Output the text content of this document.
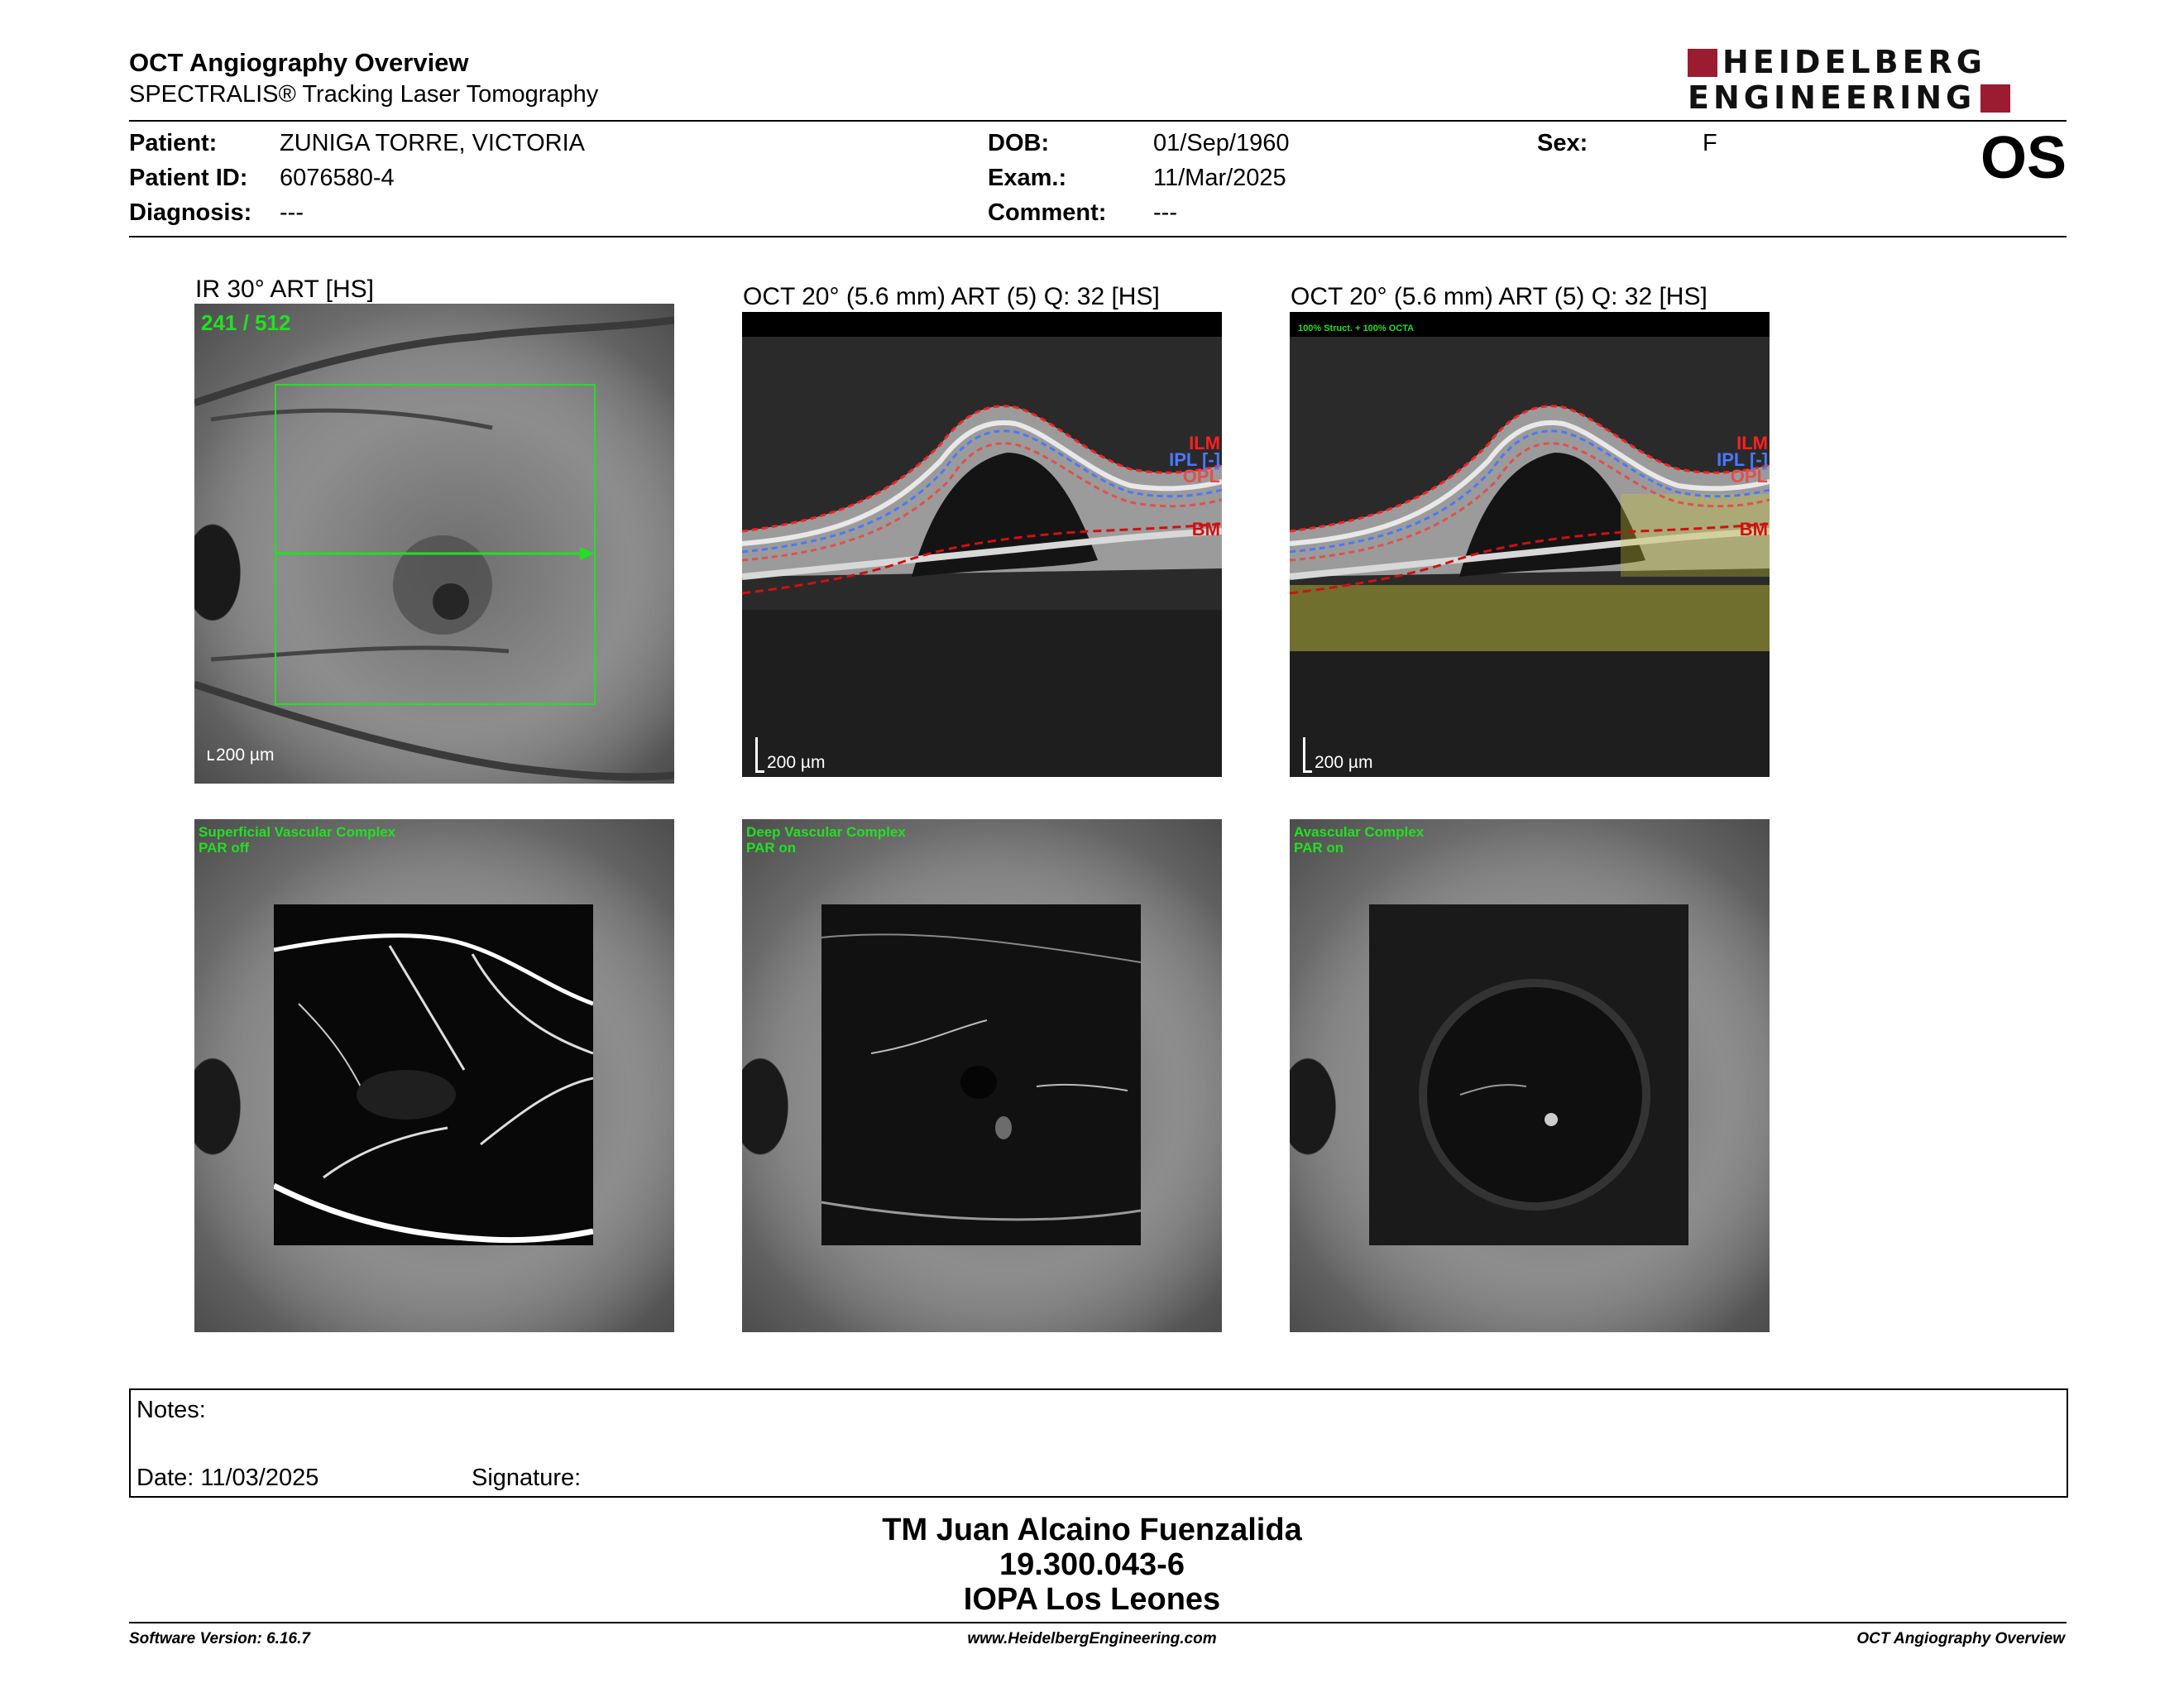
OCT Angiography Overview
SPECTRALIS® Tracking Laser Tomography
HEIDELBERG
ENGINEERING
Patient:	ZUNIGA TORRE, VICTORIA
Patient ID: 6076580-4
Diagnosis: ---
DOB:	01/Sep/1960
Exam.:	11/Mar/2025
Comment: ---
Sex:	F	OS
IR 30° ART [HS]	OCT 20° (5.6 mm) ART (5) Q: 32 [HS]	OCT 20° (5.6 mm) ART (5) Q: 32 [HS]
241 / 512
200 µm
ILM
IPL [-]
OPL
BM
200 µm
100% Struct. + 100% OCTA
ILM
IPL [-]
OPL
BM
200 µm
Superficial Vascular Complex
PAR off
Deep Vascular Complex
PAR on
Avascular Complex
PAR on
Notes:
Date: 11/03/2025	Signature:
TM Juan Alcaino Fuenzalida
19.300.043-6
IOPA Los Leones
Software Version: 6.16.7	www.HeidelbergEngineering.com	OCT Angiography Overview
